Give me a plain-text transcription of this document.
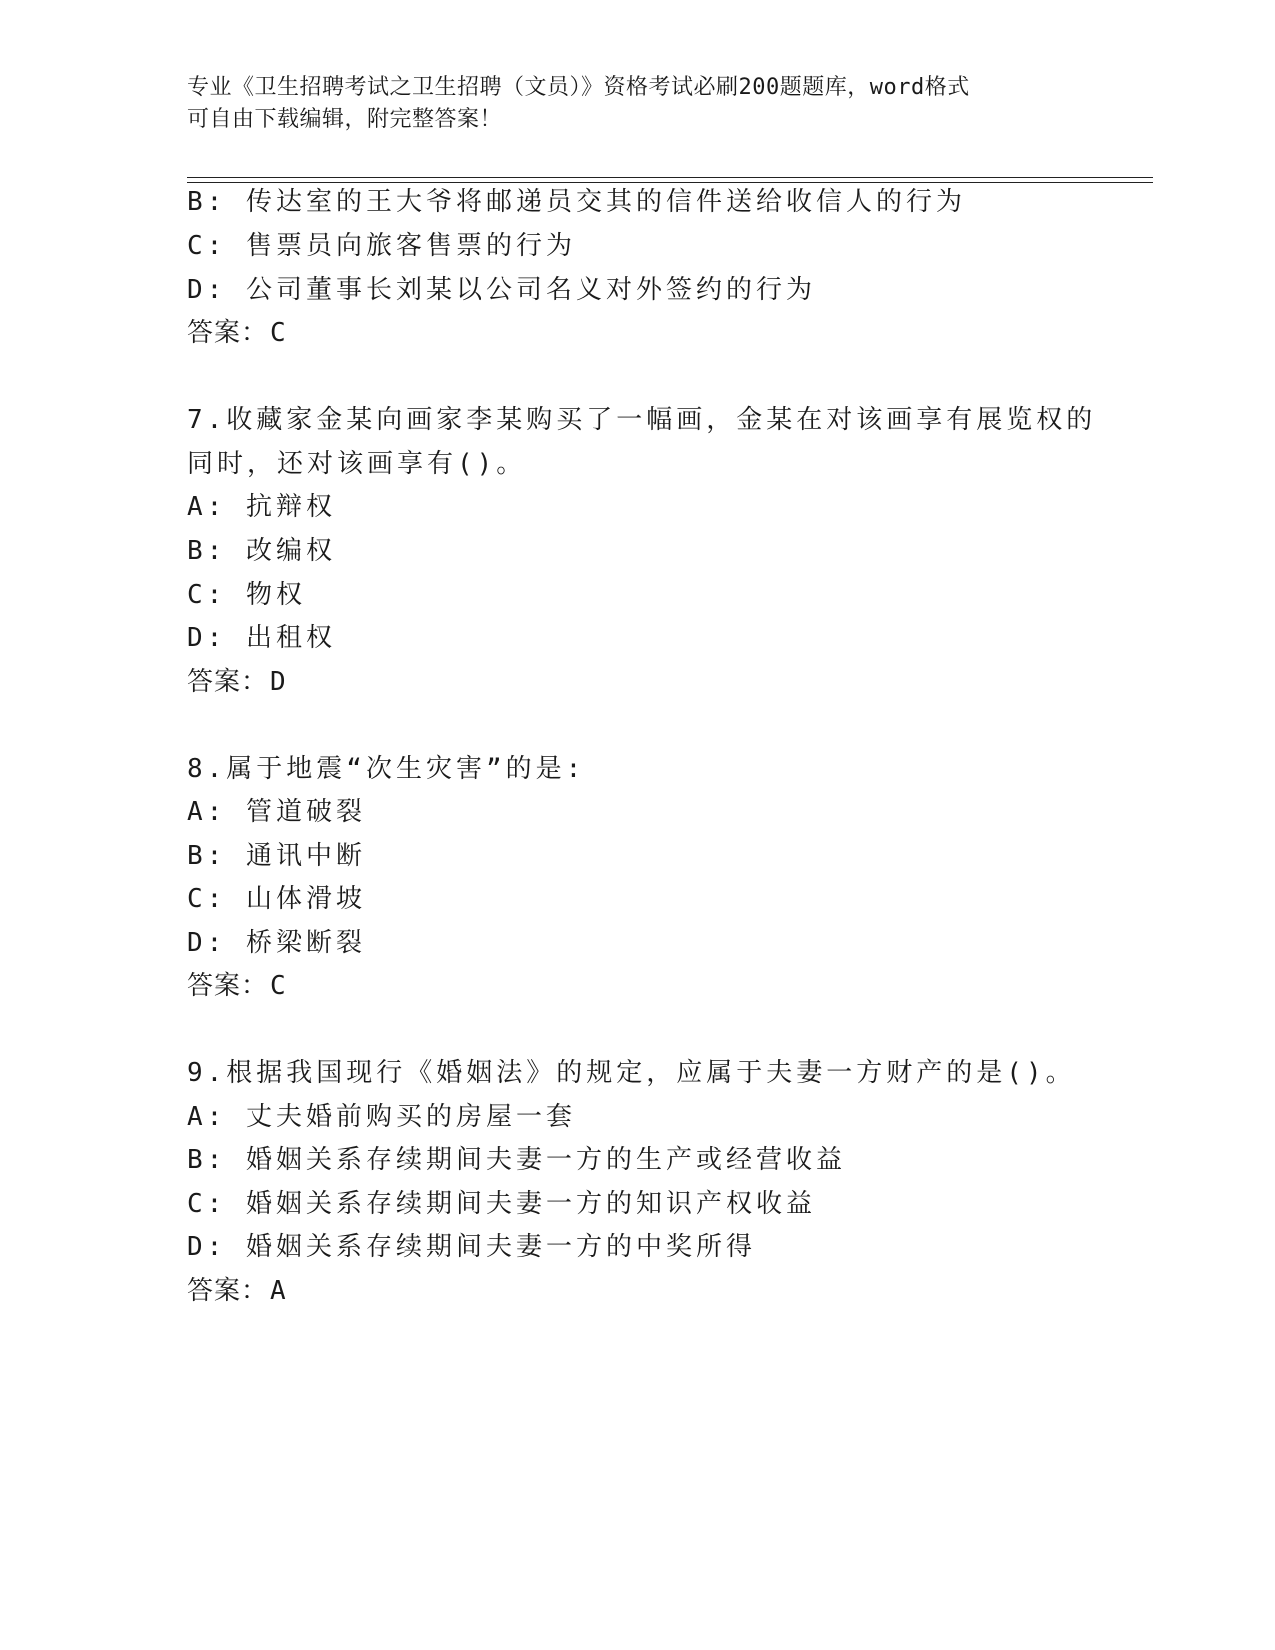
专业《卫生招聘考试之卫生招聘（文员）》资格考试必刷200题题库，word格式
可自由下载编辑，附完整答案！
B: 传达室的王大爷将邮递员交其的信件送给收信人的行为
C: 售票员向旅客售票的行为
D: 公司董事长刘某以公司名义对外签约的行为
答案：C
7.收藏家金某向画家李某购买了一幅画，金某在对该画享有展览权的
同时，还对该画享有()。
A: 抗辩权
B: 改编权
C: 物权
D: 出租权
答案：D
8.属于地震“次生灾害”的是:
A: 管道破裂
B: 通讯中断
C: 山体滑坡
D: 桥梁断裂
答案：C
9.根据我国现行《婚姻法》的规定，应属于夫妻一方财产的是()。
A: 丈夫婚前购买的房屋一套
B: 婚姻关系存续期间夫妻一方的生产或经营收益
C: 婚姻关系存续期间夫妻一方的知识产权收益
D: 婚姻关系存续期间夫妻一方的中奖所得
答案：A
